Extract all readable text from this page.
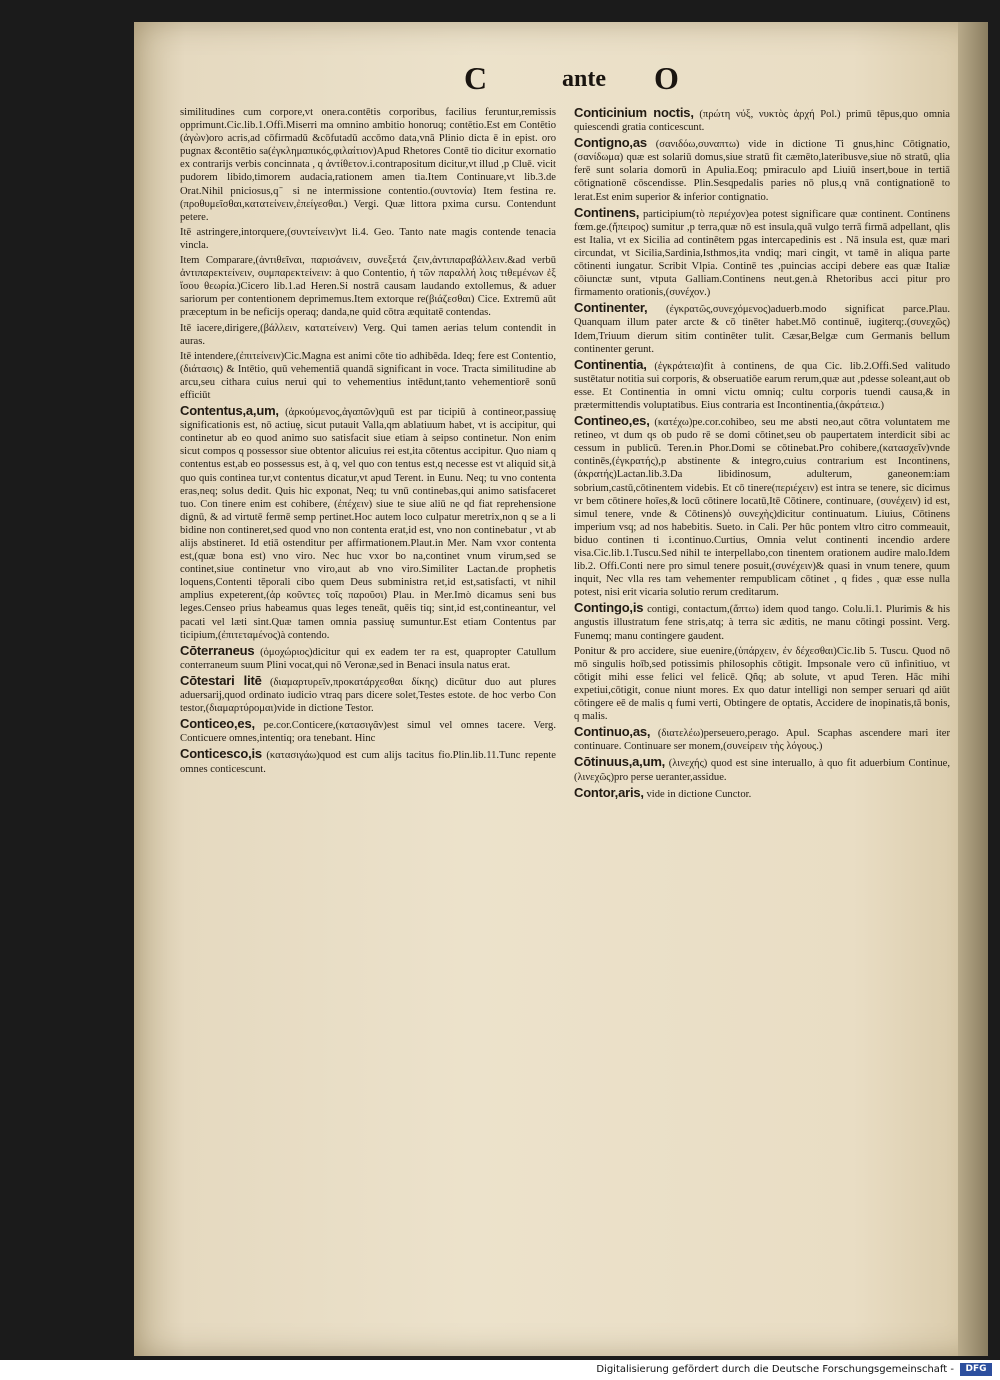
C	ante O
similitudines cum corpore,vt onera.contētis corporibus, facilius feruntur,remissis opprimunt.Cic.lib.1.Offi.Miserri ma omnino ambitio honoruq; contētio.Est em Contētio (ἀγὼν)oro acris,ad cōfirmadū &cōfutadū accōmo data,vnā Plinio dicta ē in epist. oro pugnax &contētio sa(ἐγκλημαπικός,φιλαίτιον)Apud Rhetores Contē tio dicitur exornatio ex contrarijs verbis concinnata , q ἀντίθετον.i.contrapositum dicitur,vt illud ,p Cluē. vicit pudorem libido,timorem audacia,rationem amen tia.Item Continuare,vt lib.3.de Orat.Nihil pniciosus,q ̄ si ne intermissione contentio.(συντονία) Item festina re.(προθυμεῖσθαι,κατατείνειν,ἐπείγεσθαι.) Vergi. Quæ littora pxima cursu. Contendunt petere.
Itē astringere,intorquere,(συντείνειν)vt li.4. Geo. Tanto nate magis contende tenacia vincla.
Item Comparare,(ἀντιθεῖναι, παρισάνειν, συνεξετά ζειν,ἀντιπαραβάλλειν.&ad verbū ἀντιπαρεκτείνειν, συμπαρεκτείνειν: à quo Contentio, ἡ τῶν παραλλή λοις τιθεμένων ἐξ ἴσου θεωρία.)Cicero lib.1.ad Heren.Si nostrā causam laudando extollemus, & aduer sariorum per contentionem deprimemus.Item extorque re(βιάζεσθαι) Cice. Extremū aūt præceptum in be neficijs operaq; danda,ne quid cōtra æquitatē contendas.
Itē iacere,dirigere,(βάλλειν, κατατείνειν) Verg. Qui tamen aerias telum contendit in auras.
Itē intendere,(ἐπιτείνειν)Cic.Magna est animi cōte tio adhibēda. Ideq; fere est Contentio, (διάτασις) & Intētio, quū vehementiā quandā significant in voce. Tracta similitudine ab arcu,seu cithara cuius nerui qui to vehementius intēdunt,tanto vehementiorē sonū efficiūt
Contentus,a,um, (ἀρκούμενος,ἀγαπῶν)quū est par ticipiū à contineor,passiuę significationis est, nō actiuę, sicut putauit Valla,qm ablatiuum habet, vt is accipitur, qui continetur ab eo quod animo suo satisfacit siue etiam à seipso continetur. Non enim sicut compos q possessor siue obtentor alicuius rei est,ita cōtentus accipitur. Quo niam q contentus est,ab eo possessus est, à q, vel quo con tentus est,q necesse est vt aliquid sit,à quo quis continea tur,vt contentus dicatur,vt apud Terent. in Eunu. Neq; tu vno contenta eras,neq; solus dedit. Quis hic exponat, Neq; tu vnū continebas,qui animo satisfaceret tuo. Con tinere enim est cohibere, (ἐπέχειν) siue te siue aliū ne qd fiat reprehensione dignū, & ad virtutē fermē semp pertinet.Hoc autem loco culpatur meretrix,non q se a li bidine non contineret,sed quod vno non contenta erat,id est, vno non continebatur , vt ab alijs abstineret. Id etiā ostenditur per affirmationem.Plaut.in Mer. Nam vxor contenta est,(quæ bona est) vno viro. Nec huc vxor bo na,continet vnum virum,sed se continet,siue continetur vno viro,aut ab vno viro.Similiter Lactan.de prophetis loquens,Contenti tēporali cibo quem Deus subministra ret,id est,satisfacti, vt nihil amplius expeterent,(ἀρ κοῦντες τοῖς παροῦσι) Plau. in Mer.Imò dicamus seni bus leges.Censeo prius habeamus quas leges teneāt, quēis tiq; sint,id est,contineantur, vel pacati vel læti sint.Quæ tamen omnia passiuę sumuntur.Est etiam Contentus par ticipium,(ἐπιτεταμένος)à contendo.
Cōterraneus (ὁμοχώριος)dicitur qui ex eadem ter ra est, quapropter Catullum conterraneum suum Plini vocat,qui nō Veronæ,sed in Benaci insula natus erat.
Cōtestari litē (διαμαρτυρεῖν,προκατάρχεσθαι δίκης) dicūtur duo aut plures aduersarij,quod ordinato iudicio vtraq pars dicere solet,Testes estote. de hoc verbo Con testor,(διαμαρτύρομαι)vide in dictione Testor.
Conticeo,es, pe.cor.Conticere,(κατασιγᾶν)est simul vel omnes tacere. Verg. Conticuere omnes,intentiq; ora tenebant. Hinc
Conticesco,is (κατασιγάω)quod est cum alijs tacitus fio.Plin.lib.11.Tunc repente omnes conticescunt.
Conticinium noctis, (πρώτη νύξ, νυκτὸς ἀρχή Pol.) primū tēpus,quo omnia quiescendi gratia conticescunt.
Contigno,as (σανιδόω,συναπτω) vide in dictione Ti gnus,hinc Cōtignatio,(σανίδωμα) quæ est solariū domus,siue stratū fit cæmēto,lateribusve,siue nō stratū, qlia ferē sunt solaria domorū in Apulia.Eoq; pmiraculo apd Liuiū insert,boue in tertiā cōtignationē cōscendisse. Plin.Sesqpedalis paries nō plus,q vnā contignationē to lerat.Est enim superior & inferior contignatio.
Continens, participium(τὸ περιέχον)ea potest significare quæ continent. Continens fœm.ge.(ἤπειρος) sumitur ,p terra,quæ nō est insula,quā vulgo terrā firmā adpellant, qlis est Italia, vt ex Sicilia ad continētem pgas intercapedinis est . Nā insula est, quæ mari circundat, vt Sicilia,Sardinia,Isthmos,ita vndiq; mari cingit, vt tamē in aliqua parte cōtinenti iungatur. Scribit Vlpia. Continē tes ,puincias accipi debere eas quæ Italiæ cōiunctæ sunt, vtputa Galliam.Continens neut.gen.à Rhetoribus acci pitur pro firmamento orationis,(συνέχον.)
Continenter, (ἐγκρατῶς,συνεχόμενος)aduerb.modo significat parce.Plau. Quanquam illum pater arcte & cō tinēter habet.Mō continuē, iugiterq;.(συνεχῶς) Idem,Triuum dierum sitim continēter tulit. Cæsar,Belgæ cum Germanis bellum continenter gerunt.
Continentia, (ἐγκράτεια)fit à continens, de qua Cic. lib.2.Offi.Sed valitudo sustētatur notitia sui corporis, & obseruatiōe earum rerum,quæ aut ,pdesse soleant,aut ob esse. Et Continentia in omni victu omniq; cultu corporis tuendi causa,& in prætermittendis voluptatibus. Eius contraria est Incontinentia,(ἀκράτεια.)
Contineo,es, (κατέχω)pe.cor.cohibeo, seu me absti neo,aut cōtra voluntatem me retineo, vt dum qs ob pudo rē se domi cōtinet,seu ob paupertatem interdicit sibi ac cessum in publicū. Teren.in Phor.Domi se cōtinebat.Pro cohibere,(κατασχεῖν)vnde continēs,(ἐγκρατής),p abstinente & integro,cuius contrarium est Incontinens, (ἀκρατής)Lactan.lib.3.Da libidinosum, adulterum, ganeonem:iam sobrium,castū,cōtinentem videbis. Et cō tinere(περιέχειν) est intra se tenere, sic dicimus vr bem cōtinere hoīes,& locū cōtinere locatū,Itē Cōtinere, continuare, (συνέχειν) id est, simul tenere, vnde & Cōtinens)ὁ συνεχὴς)dicitur continuatum. Liuius, Cōtinens imperium vsq; ad nos habebitis. Sueto. in Cali. Per hūc pontem vltro citro commeauit, biduo continen ti i.continuo.Curtius, Omnia velut continenti incendio ardere visa.Cic.lib.1.Tuscu.Sed nihil te interpellabo,con tinentem orationem audire malo.Idem lib.2. Offi.Conti nere pro simul tenere posuit,(συνέχειν)& quasi in vnum tenere, quum inquit, Nec vlla res tam vehementer rempublicam cōtinet , q fides , quæ esse nulla potest, nisi erit vicaria solutio rerum creditarum.
Contingo,is contigi, contactum,(ἅπτω) idem quod tango. Colu.li.1. Plurimis & his angustis illustratum fene stris,atq; à terra sic æditis, ne manu cōtingi possint. Verg. Funemq; manu contingere gaudent.
Ponitur & pro accidere, siue euenire,(ὑπάρχειν, ἐν δέχεσθαι)Cic.lib 5. Tuscu. Quod nō mō singulis hoīb,sed potissimis philosophis cōtigit. Impsonale vero cū infinitiuo, vt cōtigit mihi esse felici vel felicē. Qñq; ab solute, vt apud Teren. Hāc mihi expetiui,cōtigit, conue niunt mores. Ex quo datur intelligi non semper seruari qd aiūt cōtingere eē de malis q fumi verti, Obtingere de optatis, Accidere de inopinatis,tā bonis, q malis.
Continuo,as, (διατελέω)perseuero,perago. Apul. Scaphas ascendere mari iter continuare. Continuare ser monem,(συνείρειν τὴς λόγους.)
Cōtinuus,a,um, (λινεχής) quod est sine interuallo, à quo fit aduerbium Continue,(λινεχῶς)pro perse ueranter,assidue.
Contor,aris, vide in dictione Cunctor.
Digitalisierung gefördert durch die Deutsche Forschungsgemeinschaft -	DFG
